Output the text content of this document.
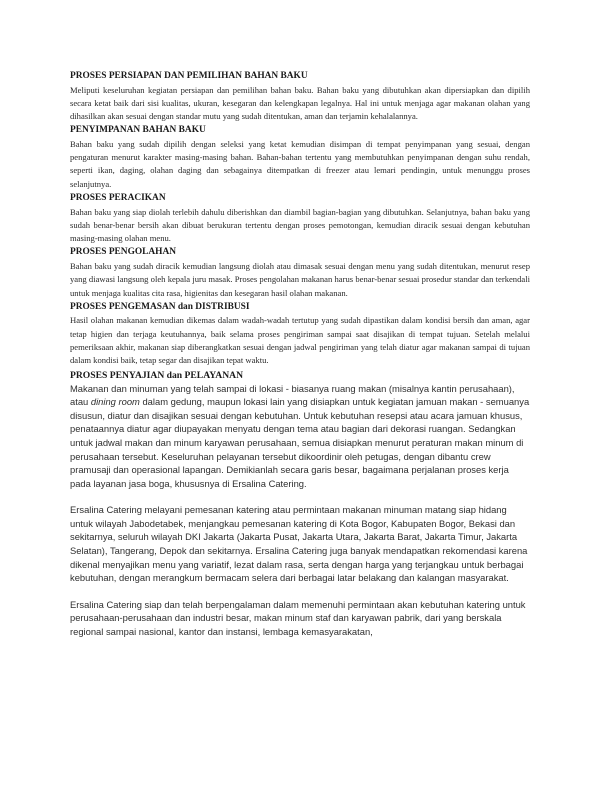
PROSES PERSIAPAN DAN PEMILIHAN BAHAN BAKU

Meliputi keseluruhan kegiatan persiapan dan pemilihan bahan baku. Bahan baku yang dibutuhkan akan dipersiapkan dan dipilih secara ketat baik dari sisi kualitas, ukuran, kesegaran dan kelengkapan legalnya. Hal ini untuk menjaga agar makanan olahan yang dihasilkan akan sesuai dengan standar mutu yang sudah ditentukan, aman dan terjamin kehalalannya.

PENYIMPANAN BAHAN BAKU

Bahan baku yang sudah dipilih dengan seleksi yang ketat kemudian disimpan di tempat penyimpanan yang sesuai, dengan pengaturan menurut karakter masing-masing bahan. Bahan-bahan tertentu yang membutuhkan penyimpanan dengan suhu rendah, seperti ikan, daging, olahan daging dan sebagainya ditempatkan di freezer atau lemari pendingin, untuk menunggu proses selanjutnya.

PROSES PERACIKAN

Bahan baku yang siap diolah terlebih dahulu diberishkan dan diambil bagian-bagian yang dibutuhkan. Selanjutnya, bahan baku yang sudah benar-benar bersih akan dibuat berukuran tertentu dengan proses pemotongan, kemudian diracik sesuai dengan kebutuhan masing-masing olahan menu.

PROSES PENGOLAHAN

Bahan baku yang sudah diracik kemudian langsung diolah atau dimasak sesuai dengan menu yang sudah ditentukan, menurut resep yang diawasi langsung oleh kepala juru masak. Proses pengolahan makanan harus benar-benar sesuai prosedur standar dan terkendali untuk menjaga kualitas cita rasa, higienitas dan kesegaran hasil olahan makanan.

PROSES PENGEMASAN dan DISTRIBUSI

Hasil olahan makanan kemudian dikemas dalam wadah-wadah tertutup yang sudah dipastikan dalam kondisi bersih dan aman, agar tetap higien dan terjaga keutuhannya, baik selama proses pengiriman sampai saat disajikan di tempat tujuan. Setelah melalui pemeriksaan akhir, makanan siap diberangkatkan sesuai dengan jadwal pengiriman yang telah diatur agar makanan sampai di tujuan dalam kondisi baik, tetap segar dan disajikan tepat waktu.

PROSES PENYAJIAN dan PELAYANAN

Makanan dan minuman yang telah sampai di lokasi - biasanya ruang makan (misalnya kantin perusahaan), atau dining room dalam gedung, maupun lokasi lain yang disiapkan untuk kegiatan jamuan makan - semuanya disusun, diatur dan disajikan sesuai dengan kebutuhan. Untuk kebutuhan resepsi atau acara jamuan khusus, penataannya diatur agar diupayakan menyatu dengan tema atau bagian dari dekorasi ruangan. Sedangkan untuk jadwal makan dan minum karyawan perusahaan, semua disiapkan menurut peraturan makan minum di perusahaan tersebut. Keseluruhan pelayanan tersebut dikoordinir oleh petugas, dengan dibantu crew pramusaji dan operasional lapangan. Demikianlah secara garis besar, bagaimana perjalanan proses kerja pada layanan jasa boga, khususnya di Ersalina Catering.

Ersalina Catering melayani pemesanan katering atau permintaan makanan minuman matang siap hidang untuk wilayah Jabodetabek, menjangkau pemesanan katering di Kota Bogor, Kabupaten Bogor, Bekasi dan sekitarnya, seluruh wilayah DKI Jakarta (Jakarta Pusat, Jakarta Utara, Jakarta Barat, Jakarta Timur, Jakarta Selatan), Tangerang, Depok dan sekitarnya. Ersalina Catering juga banyak mendapatkan rekomendasi karena dikenal menyajikan menu yang variatif, lezat dalam rasa, serta dengan harga yang terjangkau untuk berbagai kebutuhan, dengan merangkum bermacam selera dari berbagai latar belakang dan kalangan masyarakat.

Ersalina Catering siap dan telah berpengalaman dalam memenuhi permintaan akan kebutuhan katering untuk perusahaan-perusahaan dan industri besar, makan minum staf dan karyawan pabrik, dari yang berskala regional sampai nasional, kantor dan instansi, lembaga kemasyarakatan,
